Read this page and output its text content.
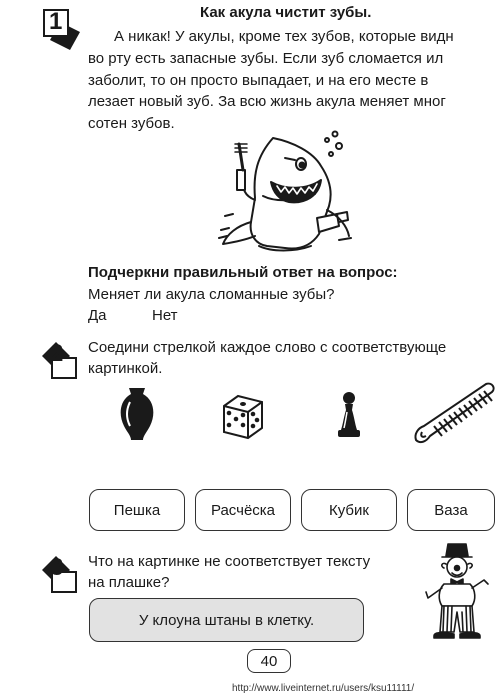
1	Как акула чистит зубы.
А никак! У акулы, кроме тех зубов, которые видн
во рту есть запасные зубы. Если зуб сломается ил
заболит, то он просто выпадает, и на его месте в
лезает новый зуб. За всю жизнь акула меняет мног
сотен зубов.
Подчеркни правильный ответ на вопрос:
Меняет ли акула сломанные зубы?
Да	Нет
2 Соедини стрелкой каждое слово с соответствующе
картинкой.
Пешка	Расчёска	Кубик	Ваза
3 Что на картинке не соответствует тексту
на плашке?
У клоуна штаны в клетку.
40
http://www.liveinternet.ru/users/ksu11111/
